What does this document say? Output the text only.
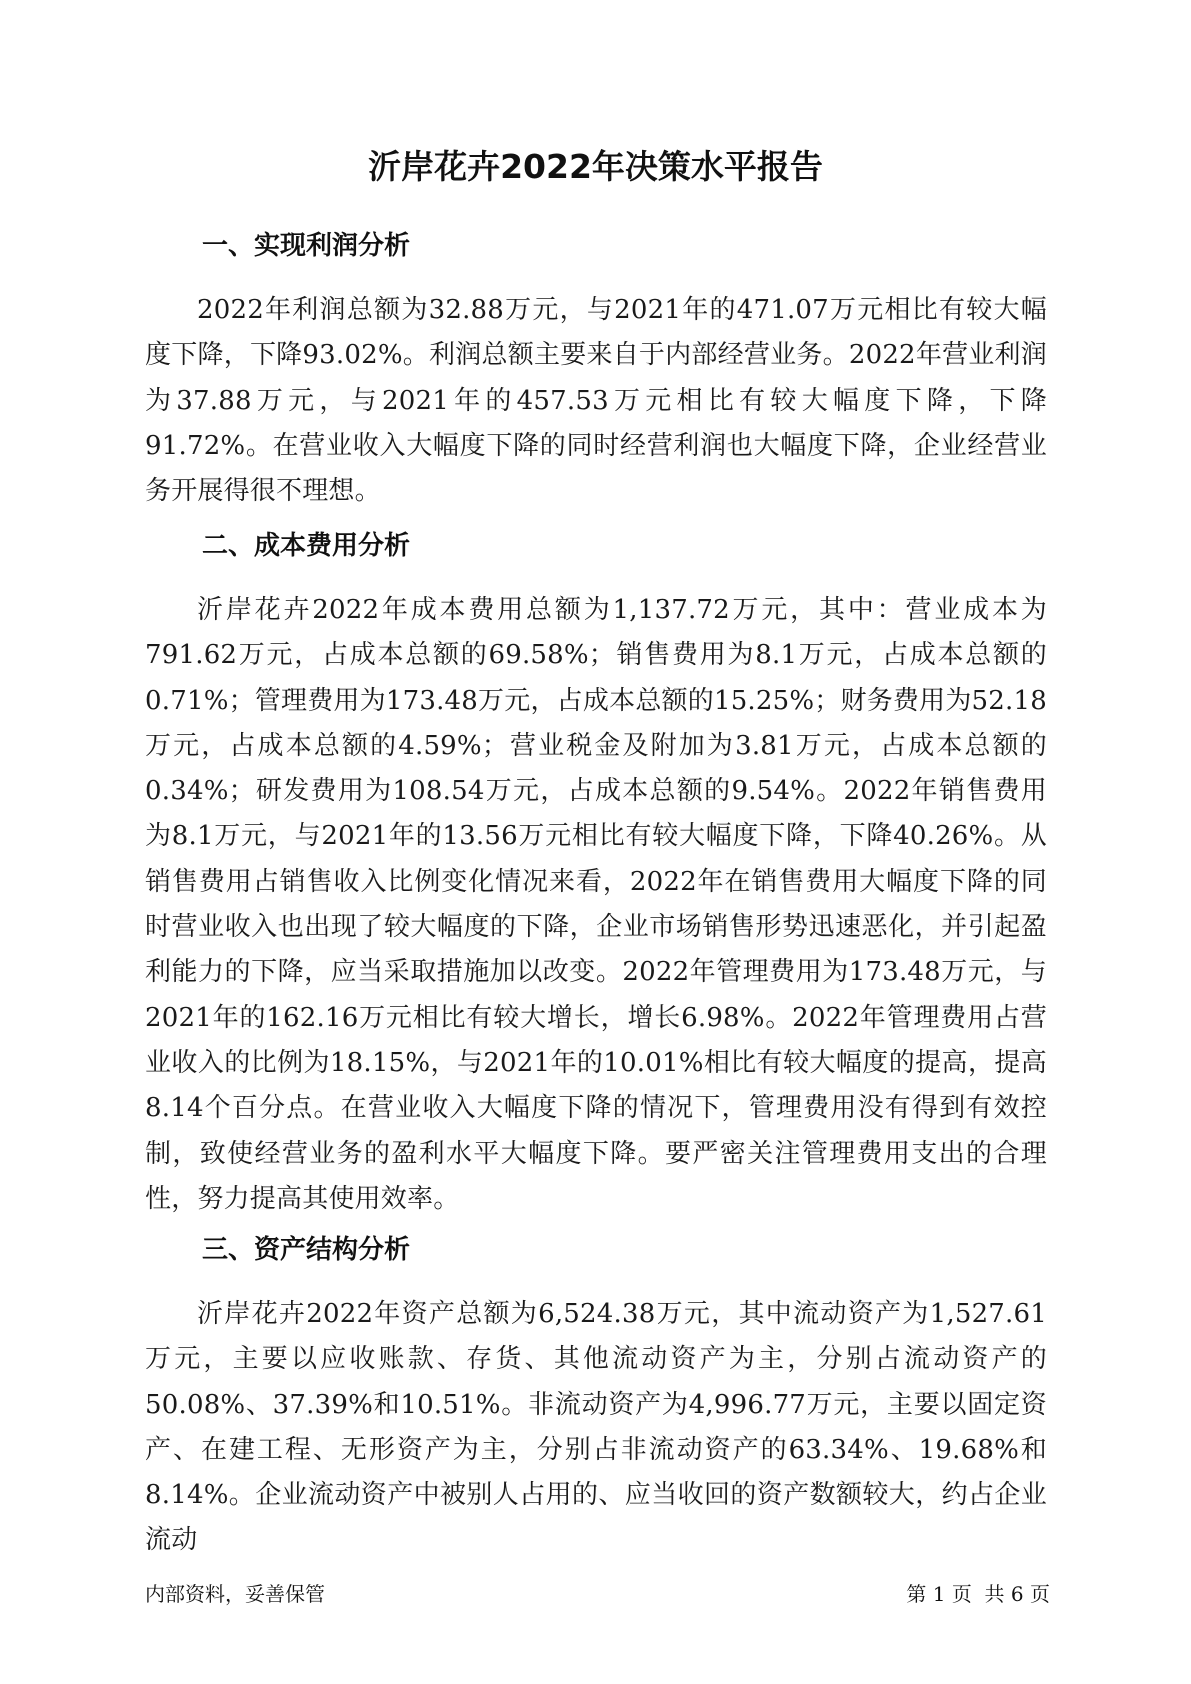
沂岸花卉2022年决策水平报告
一、实现利润分析

2022年利润总额为32.88万元，与2021年的471.07万元相比有较大幅度下降，下降93.02%。利润总额主要来自于内部经营业务。2022年营业利润为37.88万元，与2021年的457.53万元相比有较大幅度下降，下降91.72%。在营业收入大幅度下降的同时经营利润也大幅度下降，企业经营业务开展得很不理想。

二、成本费用分析

沂岸花卉2022年成本费用总额为1,137.72万元，其中：营业成本为791.62万元，占成本总额的69.58%；销售费用为8.1万元，占成本总额的0.71%；管理费用为173.48万元，占成本总额的15.25%；财务费用为52.18万元，占成本总额的4.59%；营业税金及附加为3.81万元，占成本总额的0.34%；研发费用为108.54万元，占成本总额的9.54%。2022年销售费用为8.1万元，与2021年的13.56万元相比有较大幅度下降，下降40.26%。从销售费用占销售收入比例变化情况来看，2022年在销售费用大幅度下降的同时营业收入也出现了较大幅度的下降，企业市场销售形势迅速恶化，并引起盈利能力的下降，应当采取措施加以改变。2022年管理费用为173.48万元，与2021年的162.16万元相比有较大增长，增长6.98%。2022年管理费用占营业收入的比例为18.15%，与2021年的10.01%相比有较大幅度的提高，提高8.14个百分点。在营业收入大幅度下降的情况下，管理费用没有得到有效控制，致使经营业务的盈利水平大幅度下降。要严密关注管理费用支出的合理性，努力提高其使用效率。

三、资产结构分析

沂岸花卉2022年资产总额为6,524.38万元，其中流动资产为1,527.61万元，主要以应收账款、存货、其他流动资产为主，分别占流动资产的50.08%、37.39%和10.51%。非流动资产为4,996.77万元，主要以固定资产、在建工程、无形资产为主，分别占非流动资产的63.34%、19.68%和8.14%。企业流动资产中被别人占用的、应当收回的资产数额较大，约占企业流动

内部资料，妥善保管	第 1 页  共 6 页
